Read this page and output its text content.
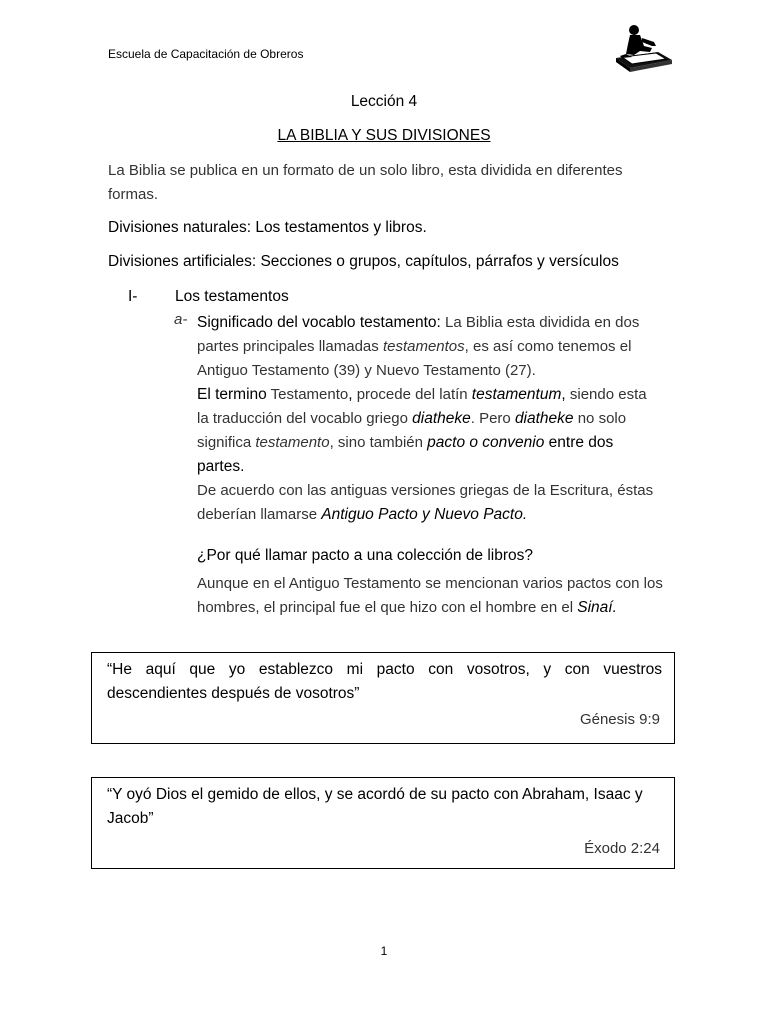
Escuela de Capacitación de Obreros
Lección 4
LA BIBLIA Y SUS DIVISIONES
La Biblia se publica en un formato de un solo libro, esta dividida en diferentes formas.
Divisiones naturales: Los testamentos y libros.
Divisiones artificiales: Secciones o grupos, capítulos, párrafos y versículos
I- Los testamentos
a- Significado del vocablo testamento: La Biblia esta dividida en dos partes principales llamadas testamentos, es así como tenemos el Antiguo Testamento (39) y Nuevo Testamento (27).
El termino Testamento, procede del latín testamentum, siendo esta la traducción del vocablo griego diatheke. Pero diatheke no solo significa testamento, sino también pacto o convenio entre dos partes.
De acuerdo con las antiguas versiones griegas de la Escritura, éstas deberían llamarse Antiguo Pacto y Nuevo Pacto.
¿Por qué llamar pacto a una colección de libros?
Aunque en el Antiguo Testamento se mencionan varios pactos con los hombres, el principal fue el que hizo con el hombre en el Sinaí.
“He aquí que yo establezco mi pacto con vosotros, y con vuestros descendientes después de vosotros”
Génesis 9:9
“Y oyó Dios el gemido de ellos, y se acordó de su pacto con Abraham, Isaac y Jacob”
Éxodo 2:24
1
